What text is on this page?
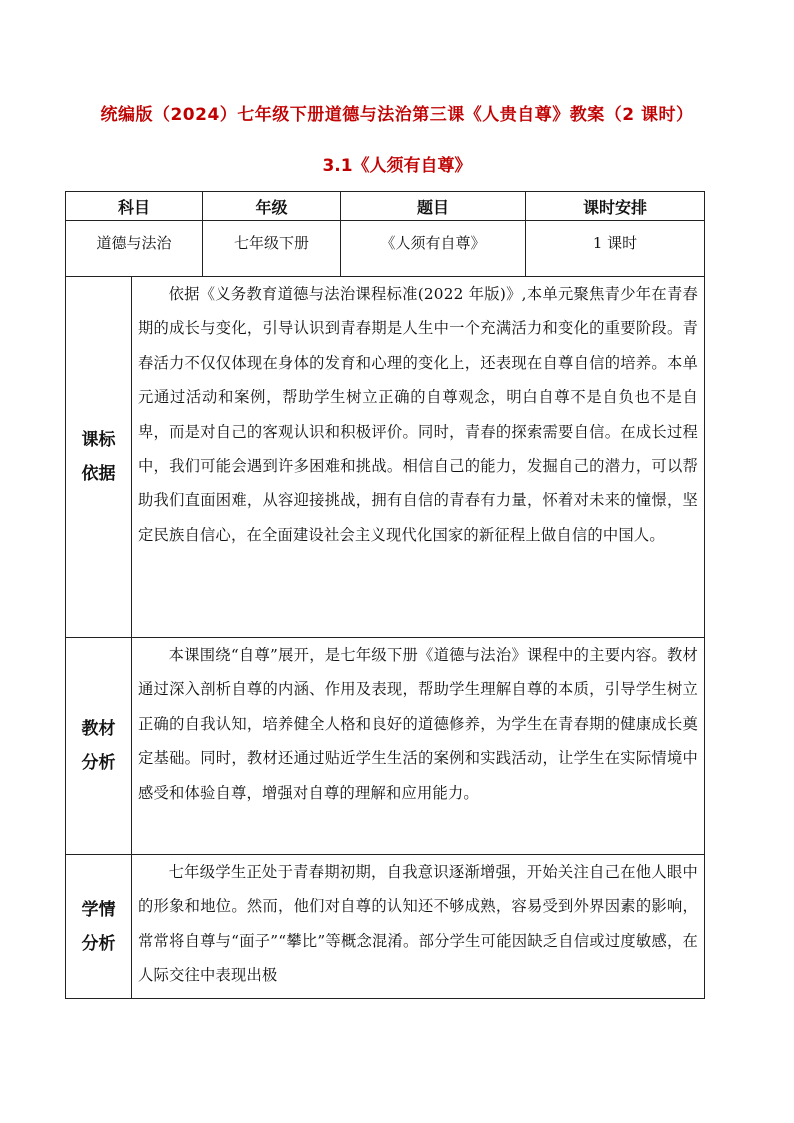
统编版（2024）七年级下册道德与法治第三课《人贵自尊》教案（2 课时）
3.1《人须有自尊》
科目		年级	题目	课时安排
道德与法治		七年级下册	《人须有自尊》	1 课时

课标依据	依据《义务教育道德与法治课程标准(2022 年版)》,本单元聚焦青少年在青春期的成长与变化，引导认识到青春期是人生中一个充满活力和变化的重要阶段。青春活力不仅仅体现在身体的发育和心理的变化上，还表现在自尊自信的培养。本单元通过活动和案例，帮助学生树立正确的自尊观念，明白自尊不是自负也不是自卑，而是对自己的客观认识和积极评价。同时，青春的探索需要自信。在成长过程中，我们可能会遇到许多困难和挑战。相信自己的能力，发掘自己的潜力，可以帮助我们直面困难，从容迎接挑战，拥有自信的青春有力量，怀着对未来的憧憬，坚定民族自信心，在全面建设社会主义现代化国家的新征程上做自信的中国人。			

教材分析	本课围绕“自尊”展开，是七年级下册《道德与法治》课程中的主要内容。教材通过深入剖析自尊的内涵、作用及表现，帮助学生理解自尊的本质，引导学生树立正确的自我认知，培养健全人格和良好的道德修养，为学生在青春期的健康成长奠定基础。同时，教材还通过贴近学生生活的案例和实践活动，让学生在实际情境中感受和体验自尊，增强对自尊的理解和应用能力。			

学情分析	七年级学生正处于青春期初期，自我意识逐渐增强，开始关注自己在他人眼中的形象和地位。然而，他们对自尊的认知还不够成熟，容易受到外界因素的影响，常常将自尊与“面子”“攀比”等概念混淆。部分学生可能因缺乏自信或过度敏感，在人际交往中表现出极			
